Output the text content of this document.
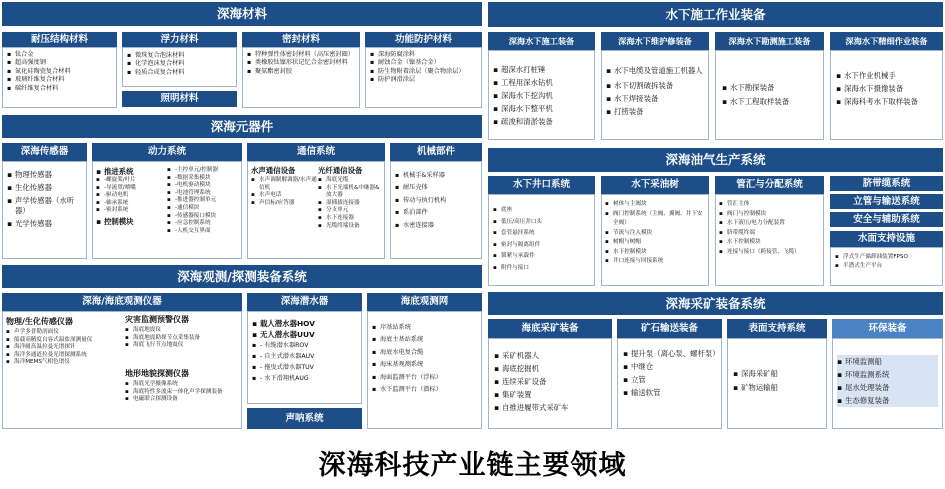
深海材料
耐压结构材料
▪ 钛合金
▪ 超高强度钢
▪ 氮化硅陶瓷复合材料
▪ 玻璃纤维复合材料
▪ 碳纤维复合材料
浮力材料
▪ 微珠复合泡沫材料
▪ 化学泡沫复合材料
▪ 轻质合成复合材料
照明材料
密封材料
▪ 特种弹性体密封材料（高压密封圈）
▪ 类橡胶钛镍形状记忆合金密封材料
▪ 聚氨酯密封胶
功能防护材料
▪ 深海防腐涂料
▪ 耐蚀合金（镍基合金）
▪ 防生物附着涂层（聚合物涂层）
▪ 防护润滑涂层
深海元器件
深海传感器
▪ 物理传感器
▪ 生化传感器
▪ 声学传感器（水听器）
▪ 光学传感器
动力系统
▪ 推进系统
▪ -螺旋桨/叶片
▪ -导流罩/喷嘴
▪ -驱动电机
▪ -轴承系统
▪ -密封系统
▪ 控制模块
▪ -主控单元/控制器
▪ -数据采集模块
▪ -电机驱动模块
▪ -电池管理系统
▪ -推进器控制单元
▪ -通信模块
▪ -传感器接口模块
▪ -应急控制系统
▪ -人机交互界面
通信系统
水声通信设备
▪ 水声调制解调器/水声通信机
▪ 水声电话
▪ 声信标/应答器
光纤通信设备
▪ 海底光缆
▪ 水下光端机&中继器&放大器
▪ 湿插拔连接器
▪ 分支单元
▪ 水下连接器
▪ 光缆终端设备
机械部件
▪ 机械手&采样器
▪ 耐压壳体
▪ 传动与执行机构
▪ 系泊部件
▪ 水密连接器
深海观测/探测装备系统
深海/海底观测仪器
物理/生化传感仪器
▪ 声学多普勒剖面仪
▪ 船载高精度自容式温盐深测量仪
▪ 海洋耐高温拉曼光谱探针
▪ 海洋多通道拉曼光谱探测系统
▪ 海洋MEMS气相色谱仪
灾害监测预警仪器
▪ 海底地震仪
▪ 海底地震勘探节点采集装备
▪ 海底飞行节点地震仪
地形地貌探测仪器
▪ 海底光学摄像系统
▪ 海底特性多波束一体化声学探测装备
▪ 电磁联合探测设备
深海潜水器
▪ 载人潜水器HOV
▪ 无人潜水器UUV
▪ - 有缆潜水器ROV
▪ - 自主式潜水器AUV
▪ - 拖曳式潜水器TUV
▪ - 水下滑翔机AUG
声呐系统
海底观测网
▪ 岸基站系统
▪ 海底主基站系统
▪ 海底水电复合缆
▪ 海床基观测系统
▪ 海面监测平台（浮标）
▪ 水下监测平台（潜标）
水下施工作业装备
深海水下施工装备
▪ 超深水打桩锤
▪ 工程用深水钻机
▪ 深海水下挖沟机
▪ 深海水下整平机
▪ 疏浚和清淤装备
深海水下维护修装备
▪ 水下电缆及管道施工机器人
▪ 水下切割破拆装备
▪ 水下焊接装备
▪ 打捞装备
深海水下勘测施工装备
▪ 水下勘探装备
▪ 水下工程取样装备
深海水下精细作业装备
▪ 水下作业机械手
▪ 深海水下摄像装备
▪ 深海科考水下取样装备
深海油气生产系统
水下井口系统
▪ 底座
▪ 低压/高压井口头
▪ 套管悬挂系统
▪ 密封与隔离组件
▪ 锁紧与承载件
▪ 附件与接口
水下采油树
▪ 树体与主阀块
▪ 阀门控制系统（主阀、翼阀、井下安全阀）
▪ 节流与注入模块
▪ 树帽与树帽
▪ 水下控制模块
▪ 井口连接与回接系统
管汇与分配系统
▪ 管汇主体
▪ 阀门与控制模块
▪ 水下液压/电力分配装置
▪ 脐带缆终端
▪ 水下控制模块
▪ 连接与接口（跨接管、飞缆）
脐带缆系统
立管与输送系统
安全与辅助系统
水面支持设施
▪ 浮式生产储卸油装置FPSO
▪ 半潜式生产平台
深海采矿装备系统
海底采矿装备
▪ 采矿机器人
▪ 海底挖掘机
▪ 连续采矿设备
▪ 集矿装置
▪ 自推进履带式采矿车
矿石输送装备
▪ 提升泵（离心泵、螺杆泵）
▪ 中继仓
▪ 立管
▪ 输送软管
表面支持系统
▪ 深海采矿船
▪ 矿物运输船
环保装备
▪ 环境监测船
▪ 环境监测系统
▪ 尾水处理装备
▪ 生态修复装备
深海科技产业链主要领域
